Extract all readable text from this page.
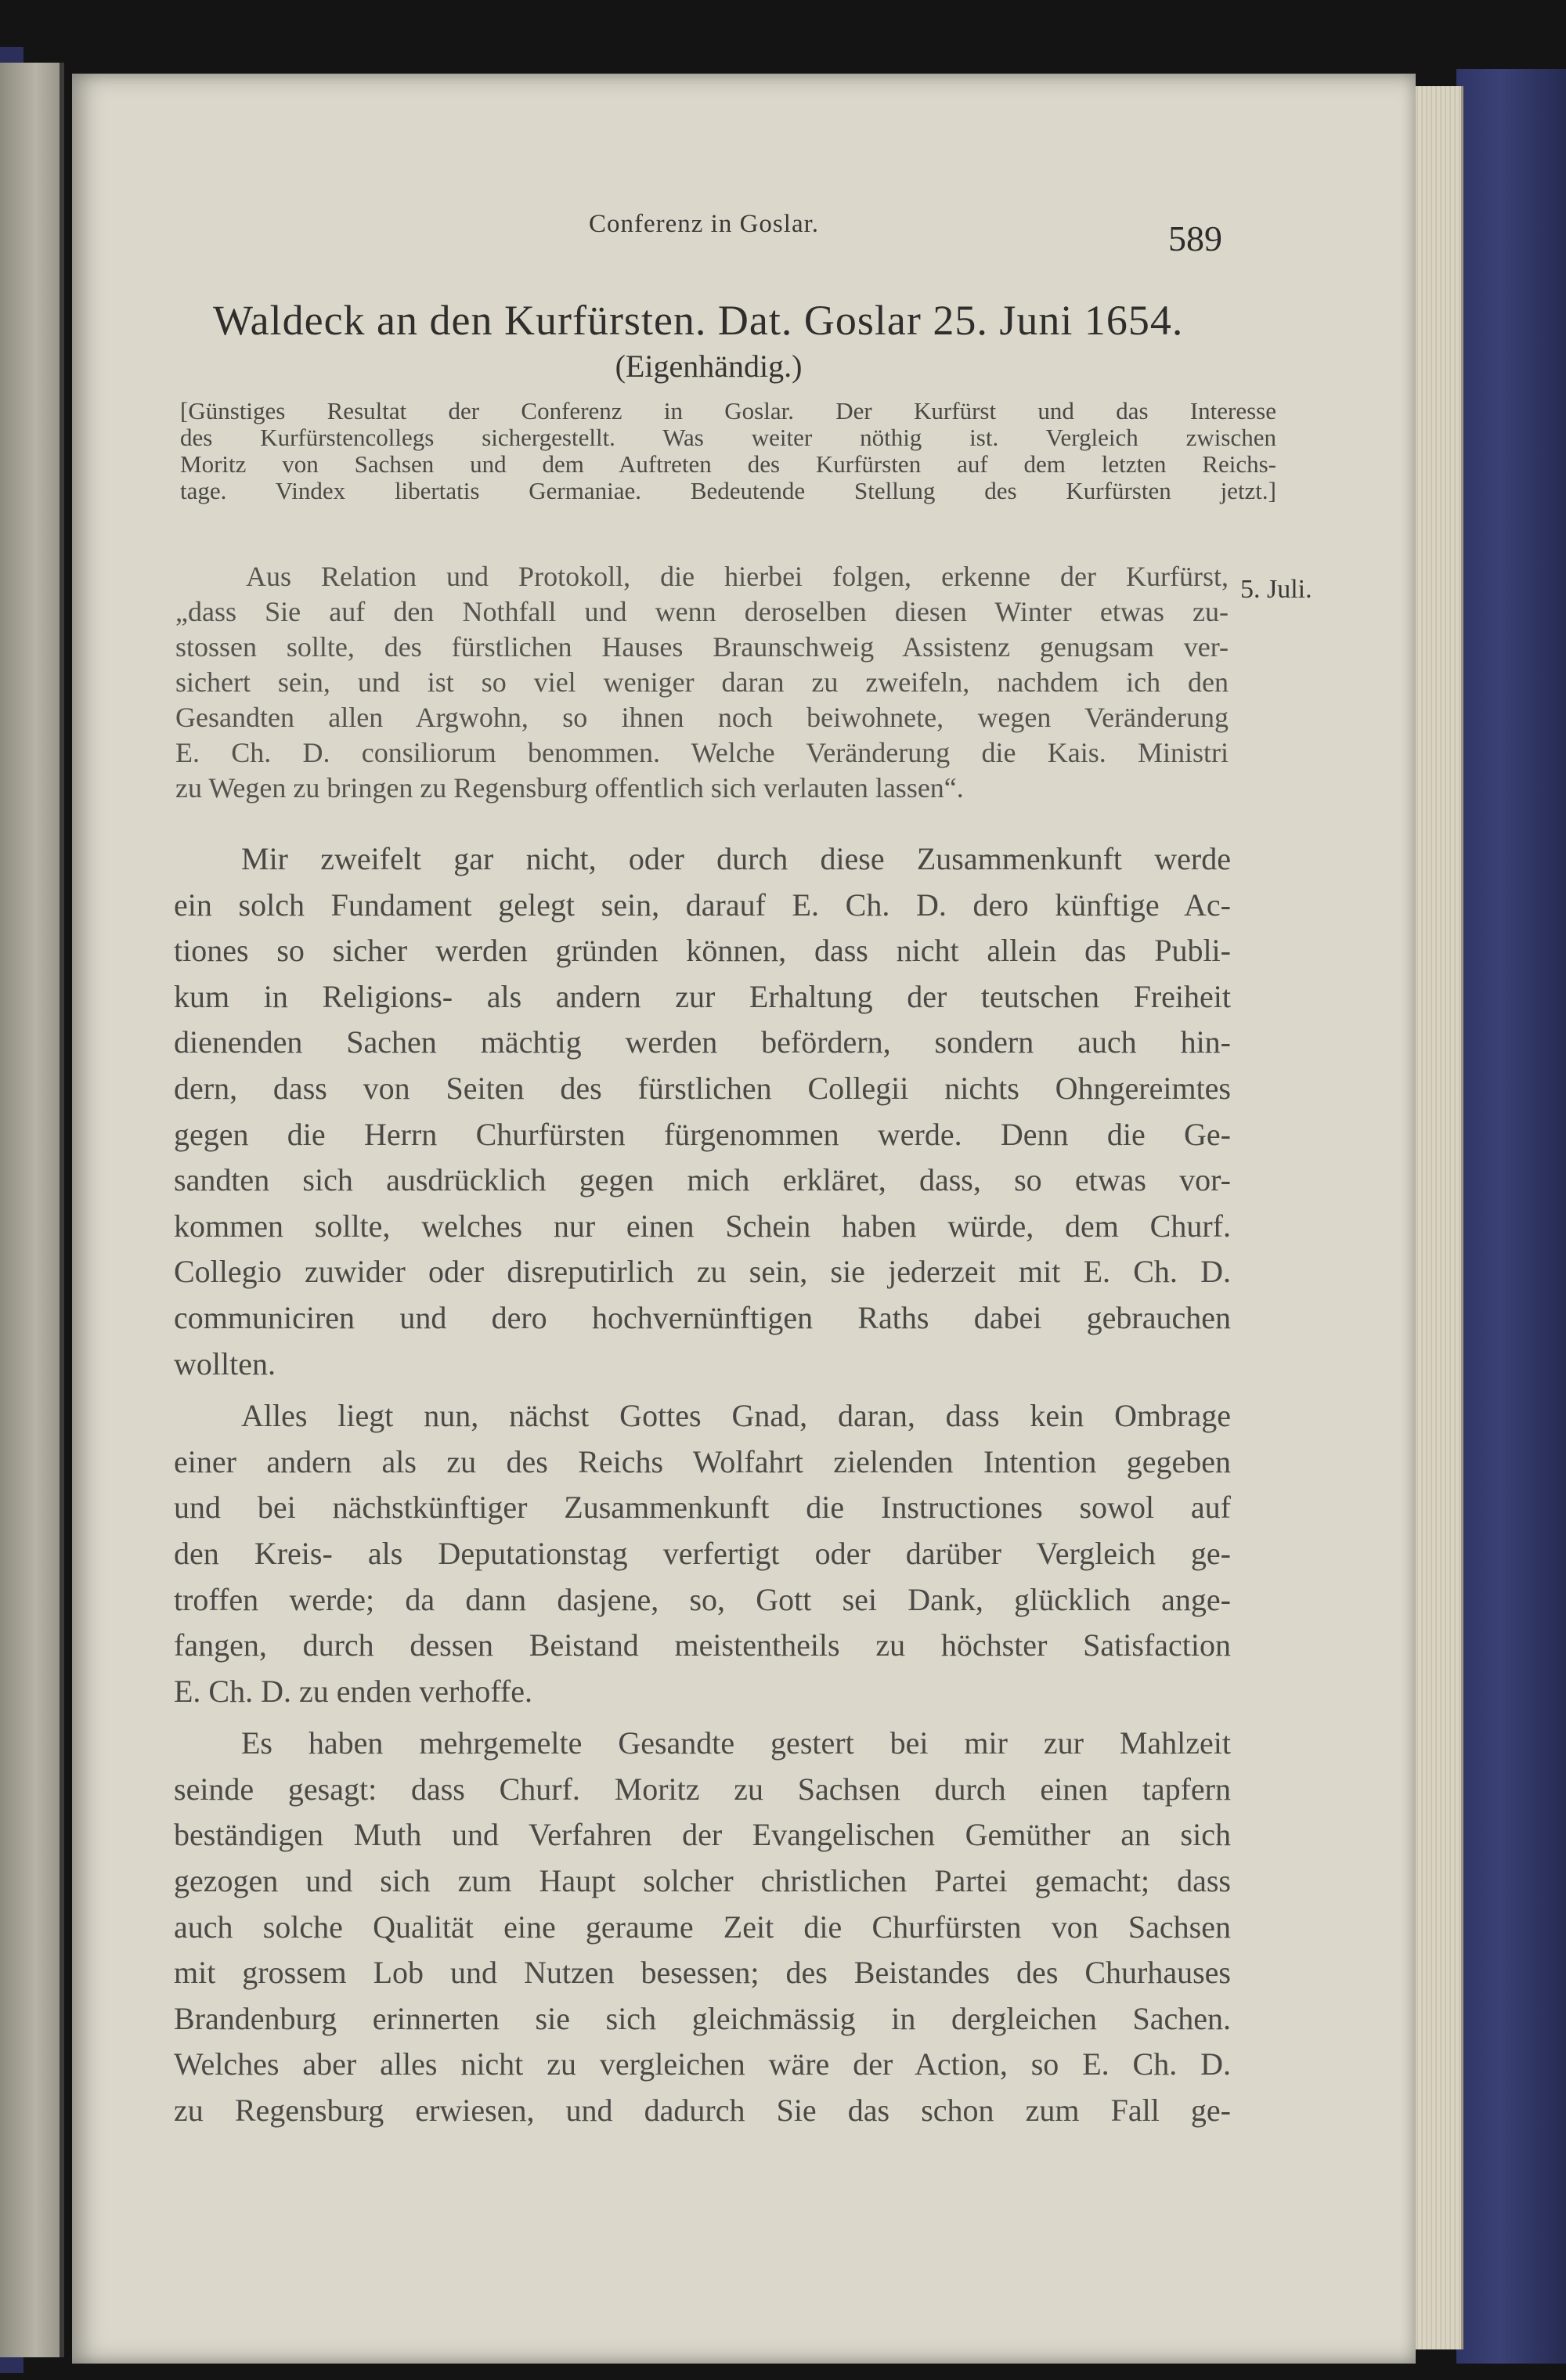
Conferenz in Goslar.	589
Waldeck an den Kurfürsten. Dat. Goslar 25. Juni 1654.
(Eigenhändig.)
[Günstiges Resultat der Conferenz in Goslar. Der Kurfürst und das Interesse
des Kurfürstencollegs sichergestellt. Was weiter nöthig ist. Vergleich zwischen
Moritz von Sachsen und dem Auftreten des Kurfürsten auf dem letzten Reichs-
tage. Vindex libertatis Germaniae. Bedeutende Stellung des Kurfürsten jetzt.]
5. Juli.
Aus Relation und Protokoll, die hierbei folgen, erkenne der Kurfürst,
„dass Sie auf den Nothfall und wenn deroselben diesen Winter etwas zu-
stossen sollte, des fürstlichen Hauses Braunschweig Assistenz genugsam ver-
sichert sein, und ist so viel weniger daran zu zweifeln, nachdem ich den
Gesandten allen Argwohn, so ihnen noch beiwohnete, wegen Veränderung
E. Ch. D. consiliorum benommen. Welche Veränderung die Kais. Ministri
zu Wegen zu bringen zu Regensburg offentlich sich verlauten lassen“.
Mir zweifelt gar nicht, oder durch diese Zusammenkunft werde
ein solch Fundament gelegt sein, darauf E. Ch. D. dero künftige Ac-
tiones so sicher werden gründen können, dass nicht allein das Publi-
kum in Religions- als andern zur Erhaltung der teutschen Freiheit
dienenden Sachen mächtig werden befördern, sondern auch hin-
dern, dass von Seiten des fürstlichen Collegii nichts Ohngereimtes
gegen die Herrn Churfürsten fürgenommen werde. Denn die Ge-
sandten sich ausdrücklich gegen mich erkläret, dass, so etwas vor-
kommen sollte, welches nur einen Schein haben würde, dem Churf.
Collegio zuwider oder disreputirlich zu sein, sie jederzeit mit E. Ch. D.
communiciren und dero hochvernünftigen Raths dabei gebrauchen
wollten.
Alles liegt nun, nächst Gottes Gnad, daran, dass kein Ombrage
einer andern als zu des Reichs Wolfahrt zielenden Intention gegeben
und bei nächstkünftiger Zusammenkunft die Instructiones sowol auf
den Kreis- als Deputationstag verfertigt oder darüber Vergleich ge-
troffen werde; da dann dasjene, so, Gott sei Dank, glücklich ange-
fangen, durch dessen Beistand meistentheils zu höchster Satisfaction
E. Ch. D. zu enden verhoffe.
Es haben mehrgemelte Gesandte gestert bei mir zur Mahlzeit
seinde gesagt: dass Churf. Moritz zu Sachsen durch einen tapfern
beständigen Muth und Verfahren der Evangelischen Gemüther an sich
gezogen und sich zum Haupt solcher christlichen Partei gemacht; dass
auch solche Qualität eine geraume Zeit die Churfürsten von Sachsen
mit grossem Lob und Nutzen besessen; des Beistandes des Churhauses
Brandenburg erinnerten sie sich gleichmässig in dergleichen Sachen.
Welches aber alles nicht zu vergleichen wäre der Action, so E. Ch. D.
zu Regensburg erwiesen, und dadurch Sie das schon zum Fall ge-
